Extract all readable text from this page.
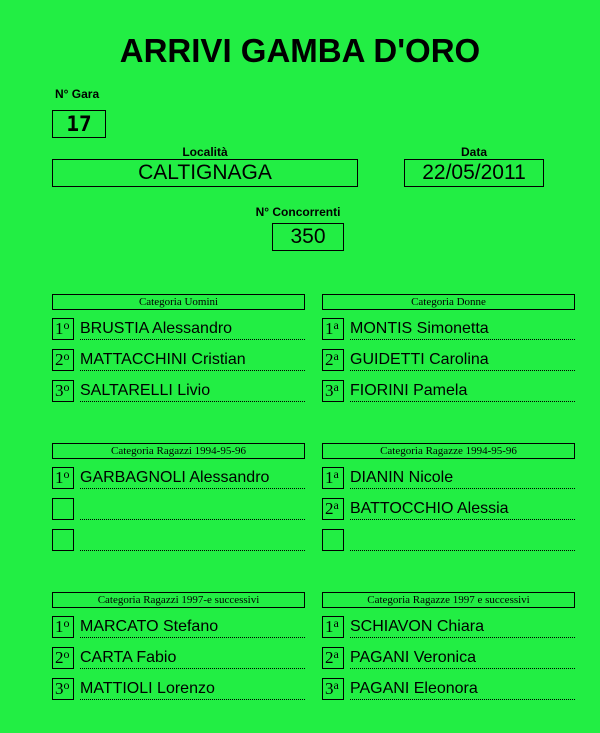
ARRIVI GAMBA D'ORO
N° Gara
17
Località
CALTIGNAGA
Data
22/05/2011
N° Concorrenti
350
Categoria Uomini
1$^o$ BRUSTIA Alessandro
2$^o$ MATTACCHINI Cristian
3$^o$ SALTARELLI Livio
Categoria Donne
1$^a$ MONTIS Simonetta
2$^a$ GUIDETTI Carolina
3$^a$ FIORINI Pamela
Categoria Ragazzi 1994-95-96
1$^o$ GARBAGNOLI Alessandro
Categoria Ragazze 1994-95-96
1$^a$ DIANIN Nicole
2$^a$ BATTOCCHIO Alessia
Categoria Ragazzi 1997-e successivi
1$^o$ MARCATO Stefano
2$^o$ CARTA Fabio
3$^o$ MATTIOLI Lorenzo
Categoria Ragazze 1997 e successivi
1$^a$ SCHIAVON Chiara
2$^a$ PAGANI Veronica
3$^a$ PAGANI Eleonora
